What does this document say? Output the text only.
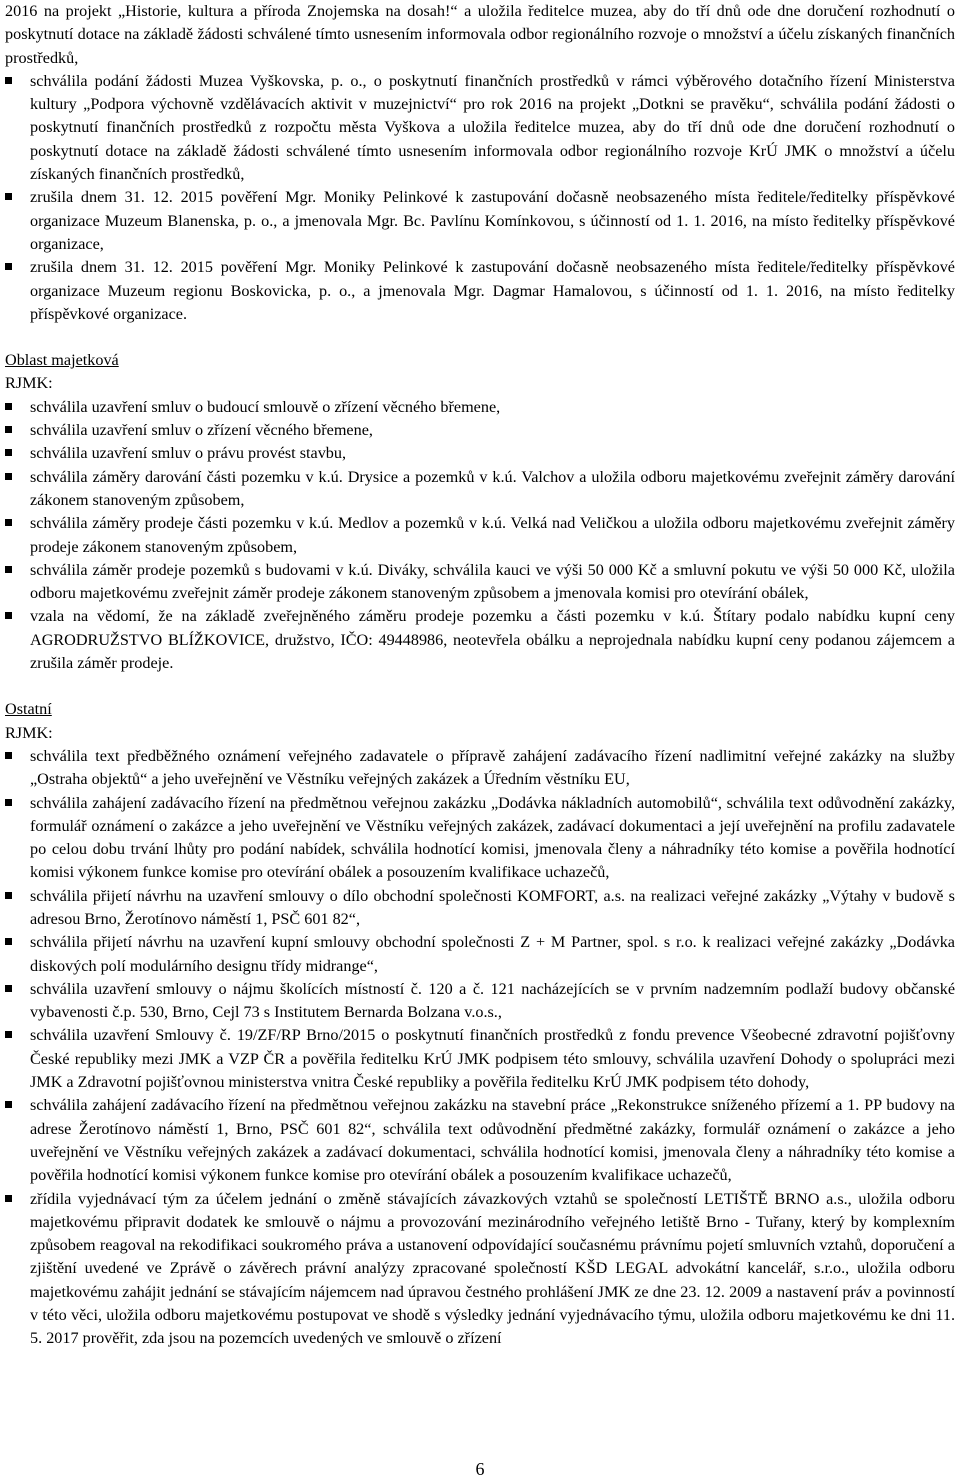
2016 na projekt „Historie, kultura a příroda Znojemska na dosah!“ a uložila ředitelce muzea, aby do tří dnů ode dne doručení rozhodnutí o poskytnutí dotace na základě žádosti schválené tímto usnesením informovala odbor regionálního rozvoje o množství a účelu získaných finančních prostředků,

schválila podání žádosti Muzea Vyškovska, p. o., o poskytnutí finančních prostředků v rámci výběrového dotačního řízení Ministerstva kultury „Podpora výchovně vzdělávacích aktivit v muzejnictví“ pro rok 2016 na projekt „Dotkni se pravěku“, schválila podání žádosti o poskytnutí finančních prostředků z rozpočtu města Vyškova a uložila ředitelce muzea, aby do tří dnů ode dne doručení rozhodnutí o poskytnutí dotace na základě žádosti schválené tímto usnesením informovala odbor regionálního rozvoje KrÚ JMK o množství a účelu získaných finančních prostředků,
zrušila dnem 31. 12. 2015 pověření Mgr. Moniky Pelinkové k zastupování dočasně neobsazeného místa ředitele/ředitelky příspěvkové organizace Muzeum Blanenska, p. o., a jmenovala Mgr. Bc. Pavlínu Komínkovou, s účinností od 1. 1. 2016, na místo ředitelky příspěvkové organizace,
zrušila dnem 31. 12. 2015 pověření Mgr. Moniky Pelinkové k zastupování dočasně neobsazeného místa ředitele/ředitelky příspěvkové organizace Muzeum regionu Boskovicka, p. o., a jmenovala Mgr. Dagmar Hamalovou, s účinností od 1. 1. 2016, na místo ředitelky příspěvkové organizace.

Oblast majetková

RJMK:

schválila uzavření smluv o budoucí smlouvě o zřízení věcného břemene,
schválila uzavření smluv o zřízení věcného břemene,
schválila uzavření smluv o právu provést stavbu,
schválila záměry darování části pozemku v k.ú. Drysice a pozemků v k.ú. Valchov a uložila odboru majetkovému zveřejnit záměry darování zákonem stanoveným způsobem,
schválila záměry prodeje části pozemku v k.ú. Medlov a pozemků v k.ú. Velká nad Veličkou a uložila odboru majetkovému zveřejnit záměry prodeje zákonem stanoveným způsobem,
schválila záměr prodeje pozemků s budovami v k.ú. Diváky, schválila kauci ve výši 50 000 Kč a smluvní pokutu ve výši 50 000 Kč, uložila odboru majetkovému zveřejnit záměr prodeje zákonem stanoveným způsobem a jmenovala komisi pro otevírání obálek,
vzala na vědomí, že na základě zveřejněného záměru prodeje pozemku a části pozemku v k.ú. Štítary podalo nabídku kupní ceny AGRODRUŽSTVO BLÍŽKOVICE, družstvo, IČO: 49448986, neotevřela obálku a neprojednala nabídku kupní ceny podanou zájemcem a zrušila záměr prodeje.

Ostatní

RJMK:

schválila text předběžného oznámení veřejného zadavatele o přípravě zahájení zadávacího řízení nadlimitní veřejné zakázky na služby „Ostraha objektů“ a jeho uveřejnění ve Věstníku veřejných zakázek a Úředním věstníku EU,
schválila zahájení zadávacího řízení na předmětnou veřejnou zakázku „Dodávka nákladních automobilů“, schválila text odůvodnění zakázky, formulář oznámení o zakázce a jeho uveřejnění ve Věstníku veřejných zakázek, zadávací dokumentaci a její uveřejnění na profilu zadavatele po celou dobu trvání lhůty pro podání nabídek, schválila hodnotící komisi, jmenovala členy a náhradníky této komise a pověřila hodnotící komisi výkonem funkce komise pro otevírání obálek a posouzením kvalifikace uchazečů,
schválila přijetí návrhu na uzavření smlouvy o dílo obchodní společnosti KOMFORT, a.s. na realizaci veřejné zakázky „Výtahy v budově s adresou Brno, Žerotínovo náměstí 1, PSČ 601 82“,
schválila přijetí návrhu na uzavření kupní smlouvy obchodní společnosti Z + M Partner, spol. s r.o. k realizaci veřejné zakázky „Dodávka diskových polí modulárního designu třídy midrange“,
schválila uzavření smlouvy o nájmu školících místností č. 120 a č. 121 nacházejících se v prvním nadzemním podlaží budovy občanské vybavenosti č.p. 530, Brno, Cejl 73 s Institutem Bernarda Bolzana v.o.s.,
schválila uzavření Smlouvy č. 19/ZF/RP Brno/2015 o poskytnutí finančních prostředků z fondu prevence Všeobecné zdravotní pojišťovny České republiky mezi JMK a VZP ČR a pověřila ředitelku KrÚ JMK podpisem této smlouvy, schválila uzavření Dohody o spolupráci mezi JMK a Zdravotní pojišťovnou ministerstva vnitra České republiky a pověřila ředitelku KrÚ JMK podpisem této dohody,
schválila zahájení zadávacího řízení na předmětnou veřejnou zakázku na stavební práce „Rekonstrukce sníženého přízemí a 1. PP budovy na adrese Žerotínovo náměstí 1, Brno, PSČ 601 82“, schválila text odůvodnění předmětné zakázky, formulář oznámení o zakázce a jeho uveřejnění ve Věstníku veřejných zakázek a zadávací dokumentaci, schválila hodnotící komisi, jmenovala členy a náhradníky této komise a pověřila hodnotící komisi výkonem funkce komise pro otevírání obálek a posouzením kvalifikace uchazečů,
zřídila vyjednávací tým za účelem jednání o změně stávajících závazkových vztahů se společností LETIŠTĚ BRNO a.s., uložila odboru majetkovému připravit dodatek ke smlouvě o nájmu a provozování mezinárodního veřejného letiště Brno - Tuřany, který by komplexním způsobem reagoval na rekodifikaci soukromého práva a ustanovení odpovídající současnému právnímu pojetí smluvních vztahů, doporučení a zjištění uvedené ve Zprávě o závěrech právní analýzy zpracované společností KŠD LEGAL advokátní kancelář, s.r.o., uložila odboru majetkovému zahájit jednání se stávajícím nájemcem nad úpravou čestného prohlášení JMK ze dne 23. 12. 2009 a nastavení práv a povinností v této věci, uložila odboru majetkovému postupovat ve shodě s výsledky jednání vyjednávacího týmu, uložila odboru majetkovému ke dni 11. 5. 2017 prověřit, zda jsou na pozemcích uvedených ve smlouvě o zřízení
6
